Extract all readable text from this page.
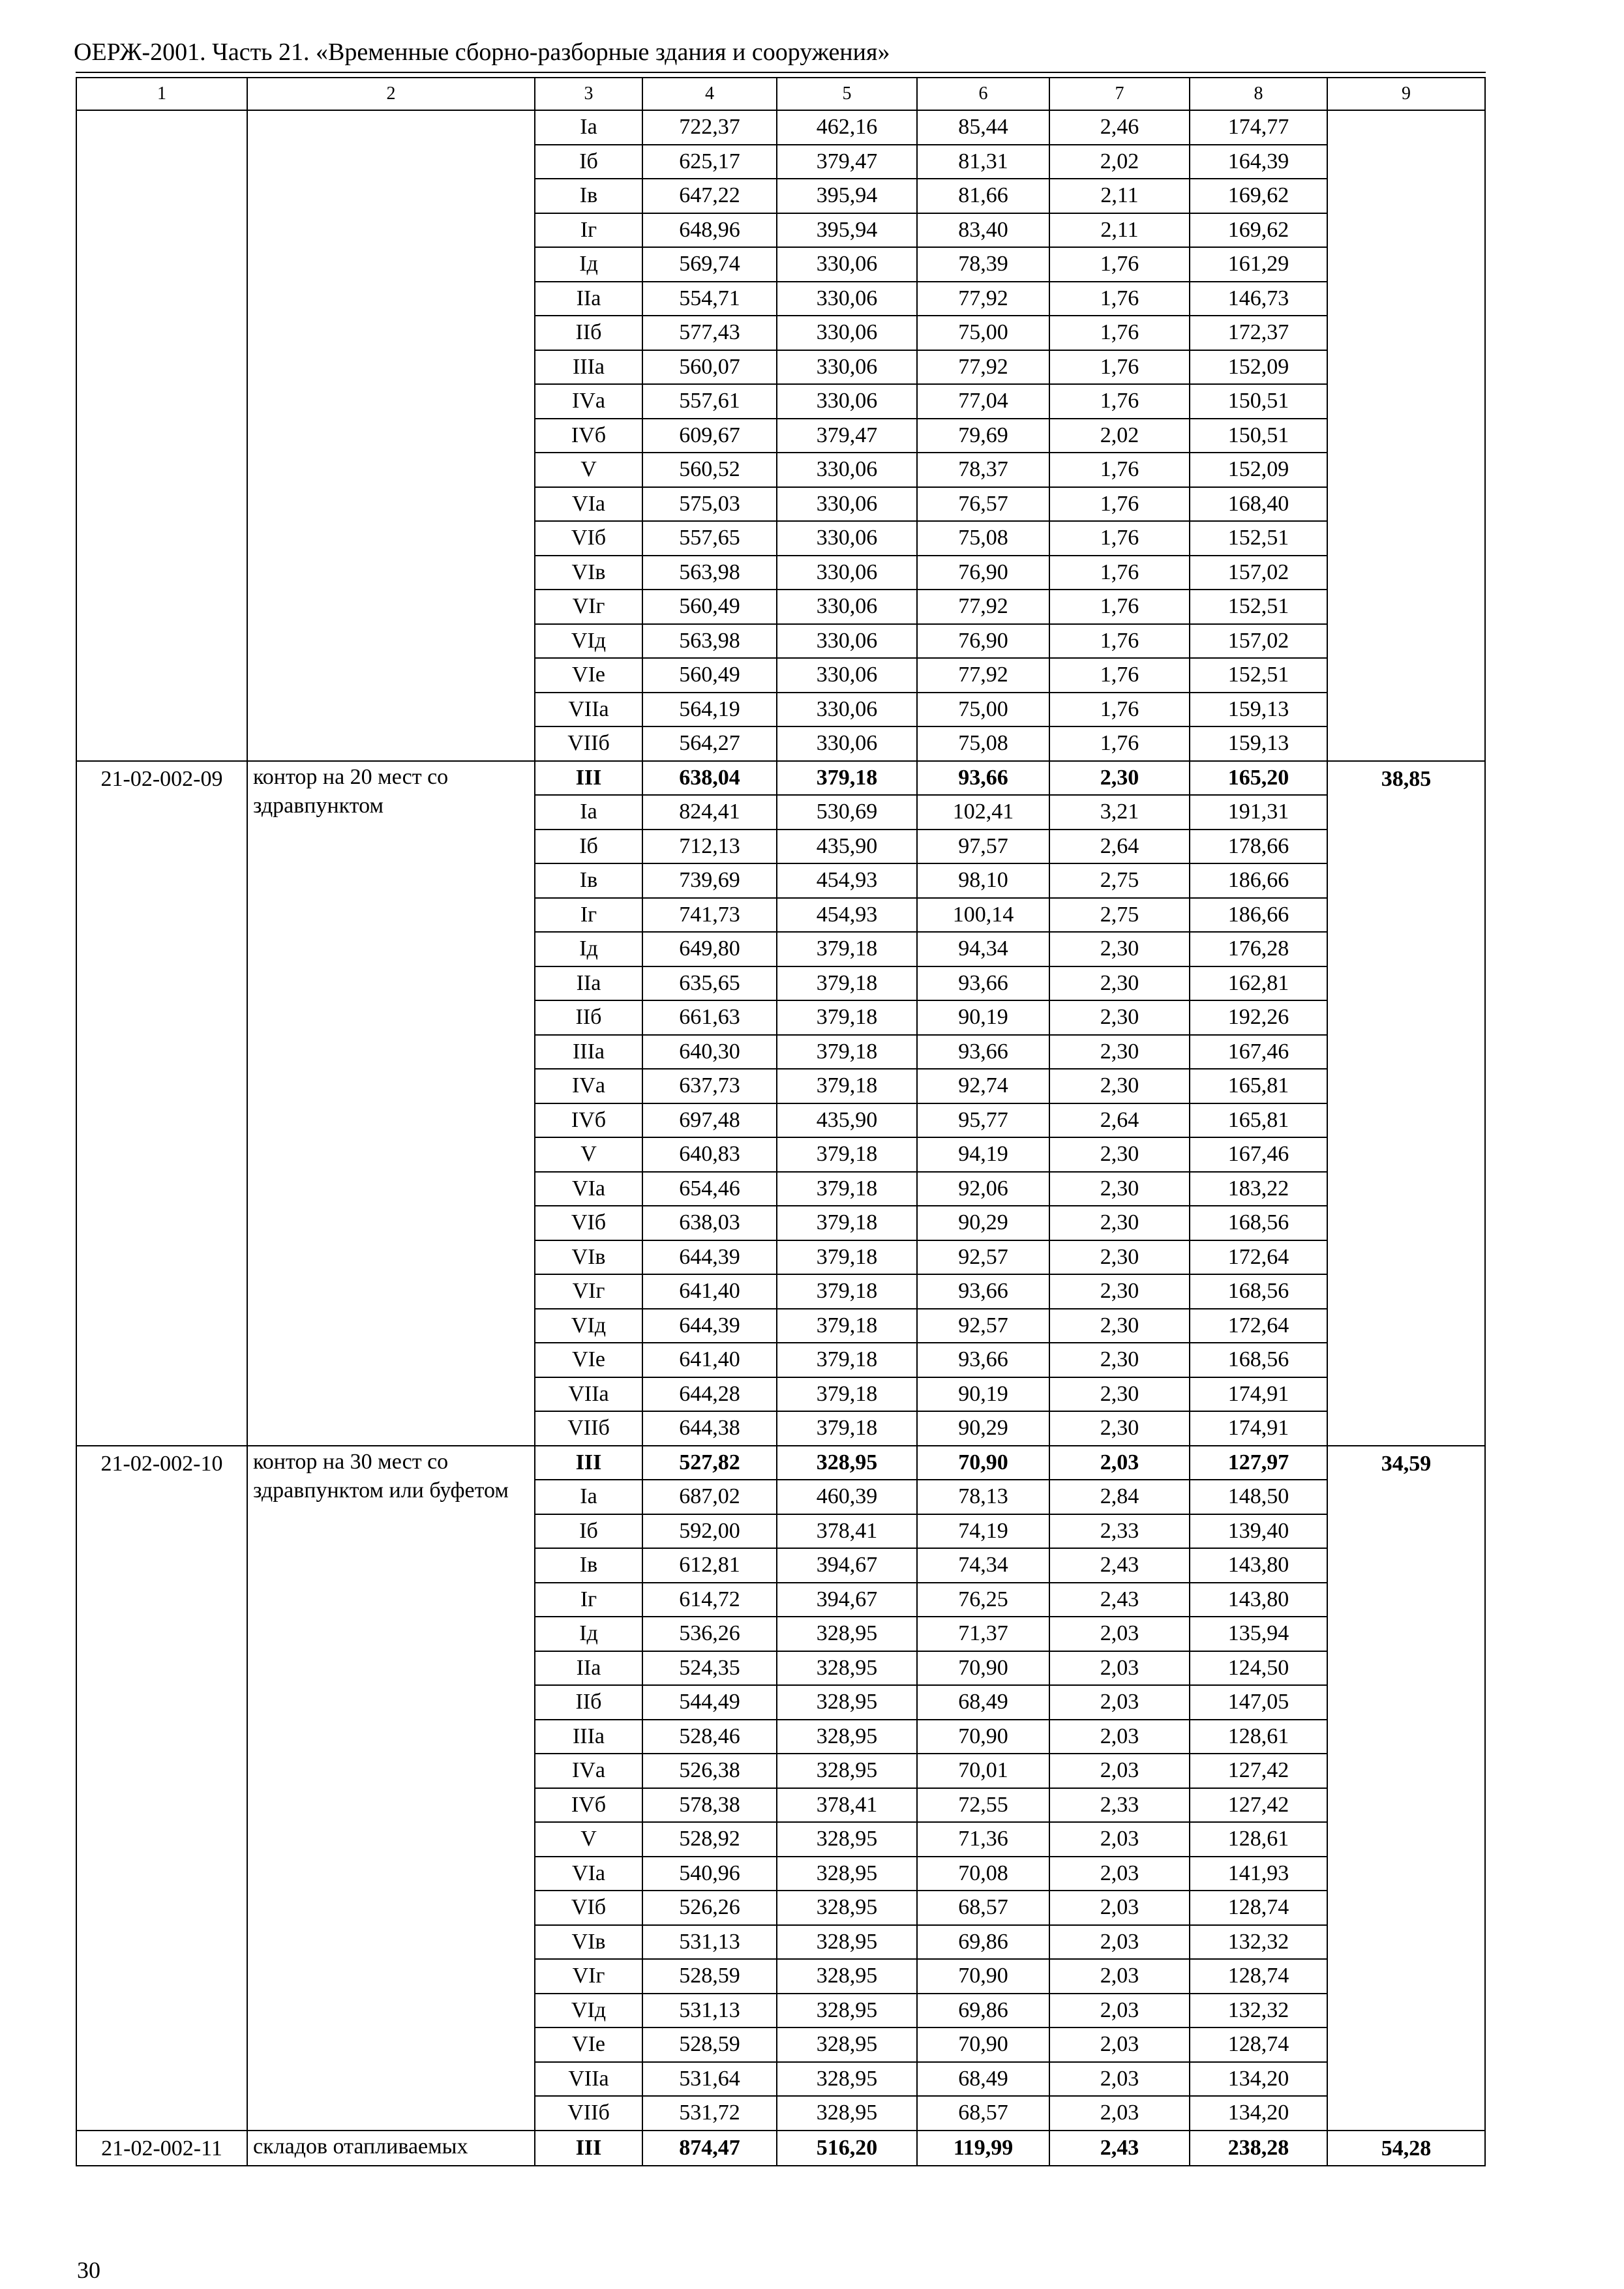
ОЕРЖ-2001. Часть 21. «Временные сборно-разборные здания и сооружения»
1	2	3	4	5	6	7	8	9
		Iа	722,37	462,16	85,44	2,46	174,77	
		Iб	625,17	379,47	81,31	2,02	164,39	
		Iв	647,22	395,94	81,66	2,11	169,62	
		Iг	648,96	395,94	83,40	2,11	169,62	
		Iд	569,74	330,06	78,39	1,76	161,29	
		IIа	554,71	330,06	77,92	1,76	146,73	
		IIб	577,43	330,06	75,00	1,76	172,37	
		IIIа	560,07	330,06	77,92	1,76	152,09	
		IVа	557,61	330,06	77,04	1,76	150,51	
		IVб	609,67	379,47	79,69	2,02	150,51	
		V	560,52	330,06	78,37	1,76	152,09	
		VIа	575,03	330,06	76,57	1,76	168,40	
		VIб	557,65	330,06	75,08	1,76	152,51	
		VIв	563,98	330,06	76,90	1,76	157,02	
		VIг	560,49	330,06	77,92	1,76	152,51	
		VIд	563,98	330,06	76,90	1,76	157,02	
		VIе	560,49	330,06	77,92	1,76	152,51	
		VIIа	564,19	330,06	75,00	1,76	159,13	
		VIIб	564,27	330,06	75,08	1,76	159,13	
21-02-002-09	контор на 20 мест со здравпунктом	III	638,04	379,18	93,66	2,30	165,20	38,85
		Iа	824,41	530,69	102,41	3,21	191,31	
		Iб	712,13	435,90	97,57	2,64	178,66	
		Iв	739,69	454,93	98,10	2,75	186,66	
		Iг	741,73	454,93	100,14	2,75	186,66	
		Iд	649,80	379,18	94,34	2,30	176,28	
		IIа	635,65	379,18	93,66	2,30	162,81	
		IIб	661,63	379,18	90,19	2,30	192,26	
		IIIа	640,30	379,18	93,66	2,30	167,46	
		IVа	637,73	379,18	92,74	2,30	165,81	
		IVб	697,48	435,90	95,77	2,64	165,81	
		V	640,83	379,18	94,19	2,30	167,46	
		VIа	654,46	379,18	92,06	2,30	183,22	
		VIб	638,03	379,18	90,29	2,30	168,56	
		VIв	644,39	379,18	92,57	2,30	172,64	
		VIг	641,40	379,18	93,66	2,30	168,56	
		VIд	644,39	379,18	92,57	2,30	172,64	
		VIе	641,40	379,18	93,66	2,30	168,56	
		VIIа	644,28	379,18	90,19	2,30	174,91	
		VIIб	644,38	379,18	90,29	2,30	174,91	
21-02-002-10	контор на 30 мест со здравпунктом или буфетом	III	527,82	328,95	70,90	2,03	127,97	34,59
		Iа	687,02	460,39	78,13	2,84	148,50	
		Iб	592,00	378,41	74,19	2,33	139,40	
		Iв	612,81	394,67	74,34	2,43	143,80	
		Iг	614,72	394,67	76,25	2,43	143,80	
		Iд	536,26	328,95	71,37	2,03	135,94	
		IIа	524,35	328,95	70,90	2,03	124,50	
		IIб	544,49	328,95	68,49	2,03	147,05	
		IIIа	528,46	328,95	70,90	2,03	128,61	
		IVа	526,38	328,95	70,01	2,03	127,42	
		IVб	578,38	378,41	72,55	2,33	127,42	
		V	528,92	328,95	71,36	2,03	128,61	
		VIа	540,96	328,95	70,08	2,03	141,93	
		VIб	526,26	328,95	68,57	2,03	128,74	
		VIв	531,13	328,95	69,86	2,03	132,32	
		VIг	528,59	328,95	70,90	2,03	128,74	
		VIд	531,13	328,95	69,86	2,03	132,32	
		VIе	528,59	328,95	70,90	2,03	128,74	
		VIIа	531,64	328,95	68,49	2,03	134,20	
		VIIб	531,72	328,95	68,57	2,03	134,20	
21-02-002-11	складов отапливаемых	III	874,47	516,20	119,99	2,43	238,28	54,28
30
